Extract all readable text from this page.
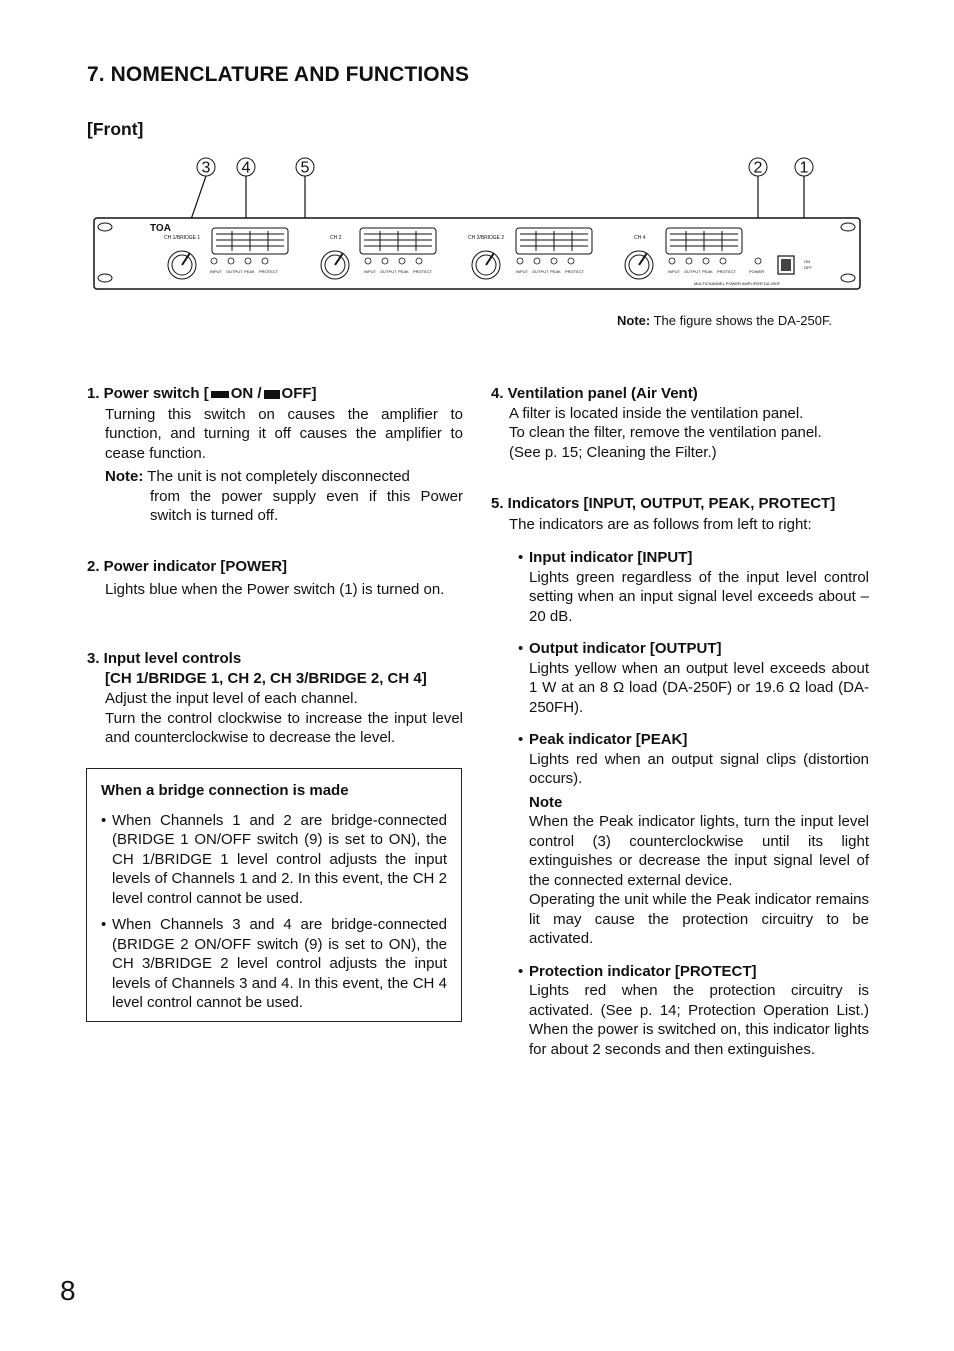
7. NOMENCLATURE AND FUNCTIONS
[Front]
3 4	5	2 1
TOA
CH 1/BRIDGE 1	CH 2	CH 3/BRIDGE 2	CH 4
INPUT OUTPUT PEAK PROTECT	INPUT OUTPUT PEAK PROTECT	INPUT OUTPUT PEAK PROTECT	INPUT OUTPUT PEAK PROTECT	POWER
ON
OFF
MULTICHANNEL POWER AMPLIFIER DA-250F
Note: The figure shows the DA-250F.
1. Power switch [ ON / OFF]
Turning this switch on causes the amplifier to function, and turning it off causes the amplifier to cease function.
Note: The unit is not completely disconnected
from the power supply even if this Power switch is turned off.
2. Power indicator [POWER]
Lights blue when the Power switch (1) is turned on.
3. Input level controls
[CH 1/BRIDGE 1, CH 2, CH 3/BRIDGE 2, CH 4]
Adjust the input level of each channel.
Turn the control clockwise to increase the input level and counterclockwise to decrease the level.
When a bridge connection is made
• When Channels 1 and 2 are bridge-connected (BRIDGE 1 ON/OFF switch (9) is set to ON), the CH 1/BRIDGE 1 level control adjusts the input levels of Channels 1 and 2. In this event, the CH 2 level control cannot be used.
• When Channels 3 and 4 are bridge-connected (BRIDGE 2 ON/OFF switch (9) is set to ON), the CH 3/BRIDGE 2 level control adjusts the input levels of Channels 3 and 4. In this event, the CH 4 level control cannot be used.
4. Ventilation panel (Air Vent)
A filter is located inside the ventilation panel.
To clean the filter, remove the ventilation panel.
(See p. 15; Cleaning the Filter.)
5. Indicators [INPUT, OUTPUT, PEAK, PROTECT]
The indicators are as follows from left to right:
• Input indicator [INPUT]
Lights green regardless of the input level control setting when an input signal level exceeds about –20 dB.
• Output indicator [OUTPUT]
Lights yellow when an output level exceeds about 1 W at an 8 Ω load (DA-250F) or 19.6 Ω load (DA-250FH).
• Peak indicator [PEAK]
Lights red when an output signal clips (distortion occurs).
Note
When the Peak indicator lights, turn the input level control (3) counterclockwise until its light extinguishes or decrease the input signal level of the connected external device.
Operating the unit while the Peak indicator remains lit may cause the protection circuitry to be activated.
• Protection indicator [PROTECT]
Lights red when the protection circuitry is activated. (See p. 14; Protection Operation List.) When the power is switched on, this indicator lights for about 2 seconds and then extinguishes.
8
